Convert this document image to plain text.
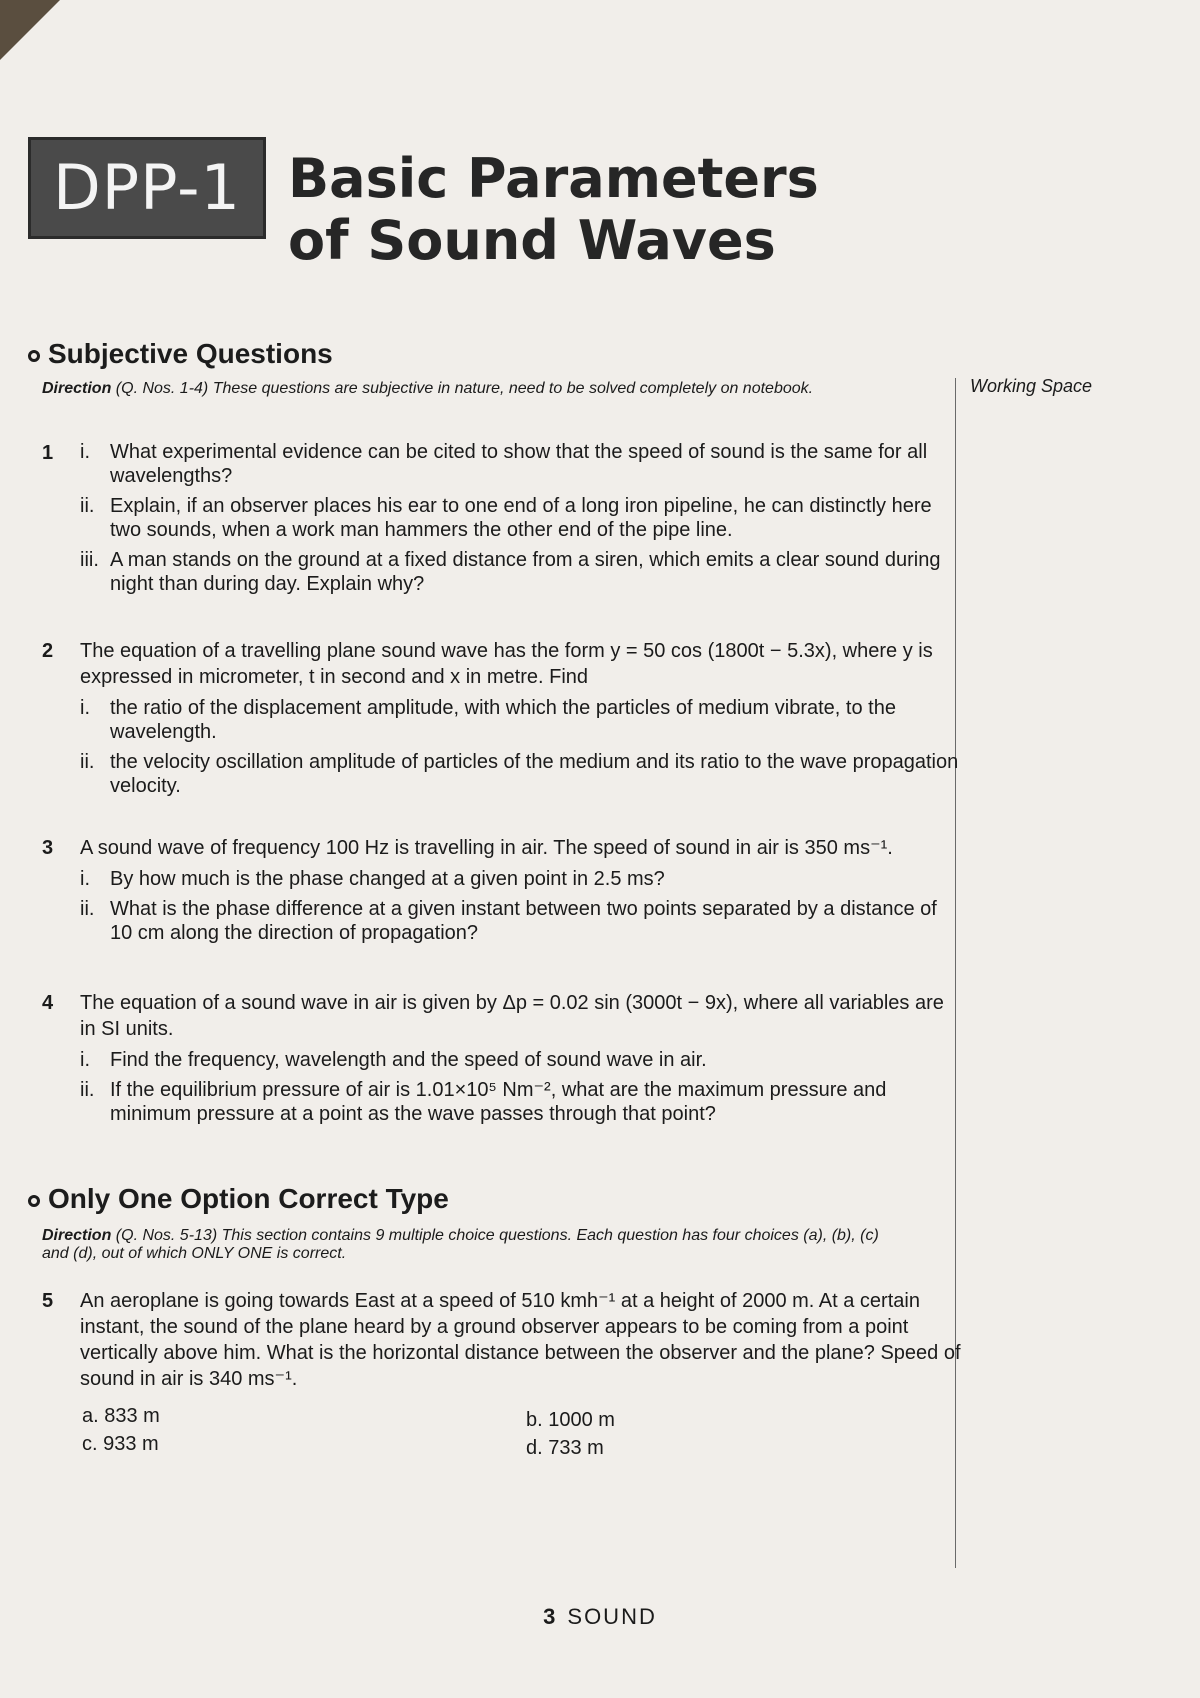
DPP-1 Basic Parameters of Sound Waves
Subjective Questions
Direction (Q. Nos. 1-4) These questions are subjective in nature, need to be solved completely on notebook.	Working Space
1	i. What experimental evidence can be cited to show that the speed of sound is the same for all wavelengths?
ii. Explain, if an observer places his ear to one end of a long iron pipeline, he can distinctly here two sounds, when a work man hammers the other end of the pipe line.
iii. A man stands on the ground at a fixed distance from a siren, which emits a clear sound during night than during day. Explain why?
2	The equation of a travelling plane sound wave has the form y = 50 cos (1800t − 5.3x), where y is expressed in micrometer, t in second and x in metre. Find
i. the ratio of the displacement amplitude, with which the particles of medium vibrate, to the wavelength.
ii. the velocity oscillation amplitude of particles of the medium and its ratio to the wave propagation velocity.
3	A sound wave of frequency 100 Hz is travelling in air. The speed of sound in air is 350 ms⁻¹.
i. By how much is the phase changed at a given point in 2.5 ms?
ii. What is the phase difference at a given instant between two points separated by a distance of 10 cm along the direction of propagation?
4	The equation of a sound wave in air is given by Δp = 0.02 sin (3000t − 9x), where all variables are in SI units.
i. Find the frequency, wavelength and the speed of sound wave in air.
ii. If the equilibrium pressure of air is 1.01×10⁵ Nm⁻², what are the maximum pressure and minimum pressure at a point as the wave passes through that point?
Only One Option Correct Type
Direction (Q. Nos. 5-13) This section contains 9 multiple choice questions. Each question has four choices (a), (b), (c) and (d), out of which ONLY ONE is correct.
5	An aeroplane is going towards East at a speed of 510 kmh⁻¹ at a height of 2000 m. At a certain instant, the sound of the plane heard by a ground observer appears to be coming from a point vertically above him. What is the horizontal distance between the observer and the plane? Speed of sound in air is 340 ms⁻¹.
a. 833 m
c. 933 m
b. 1000 m
d. 733 m
3 SOUND
